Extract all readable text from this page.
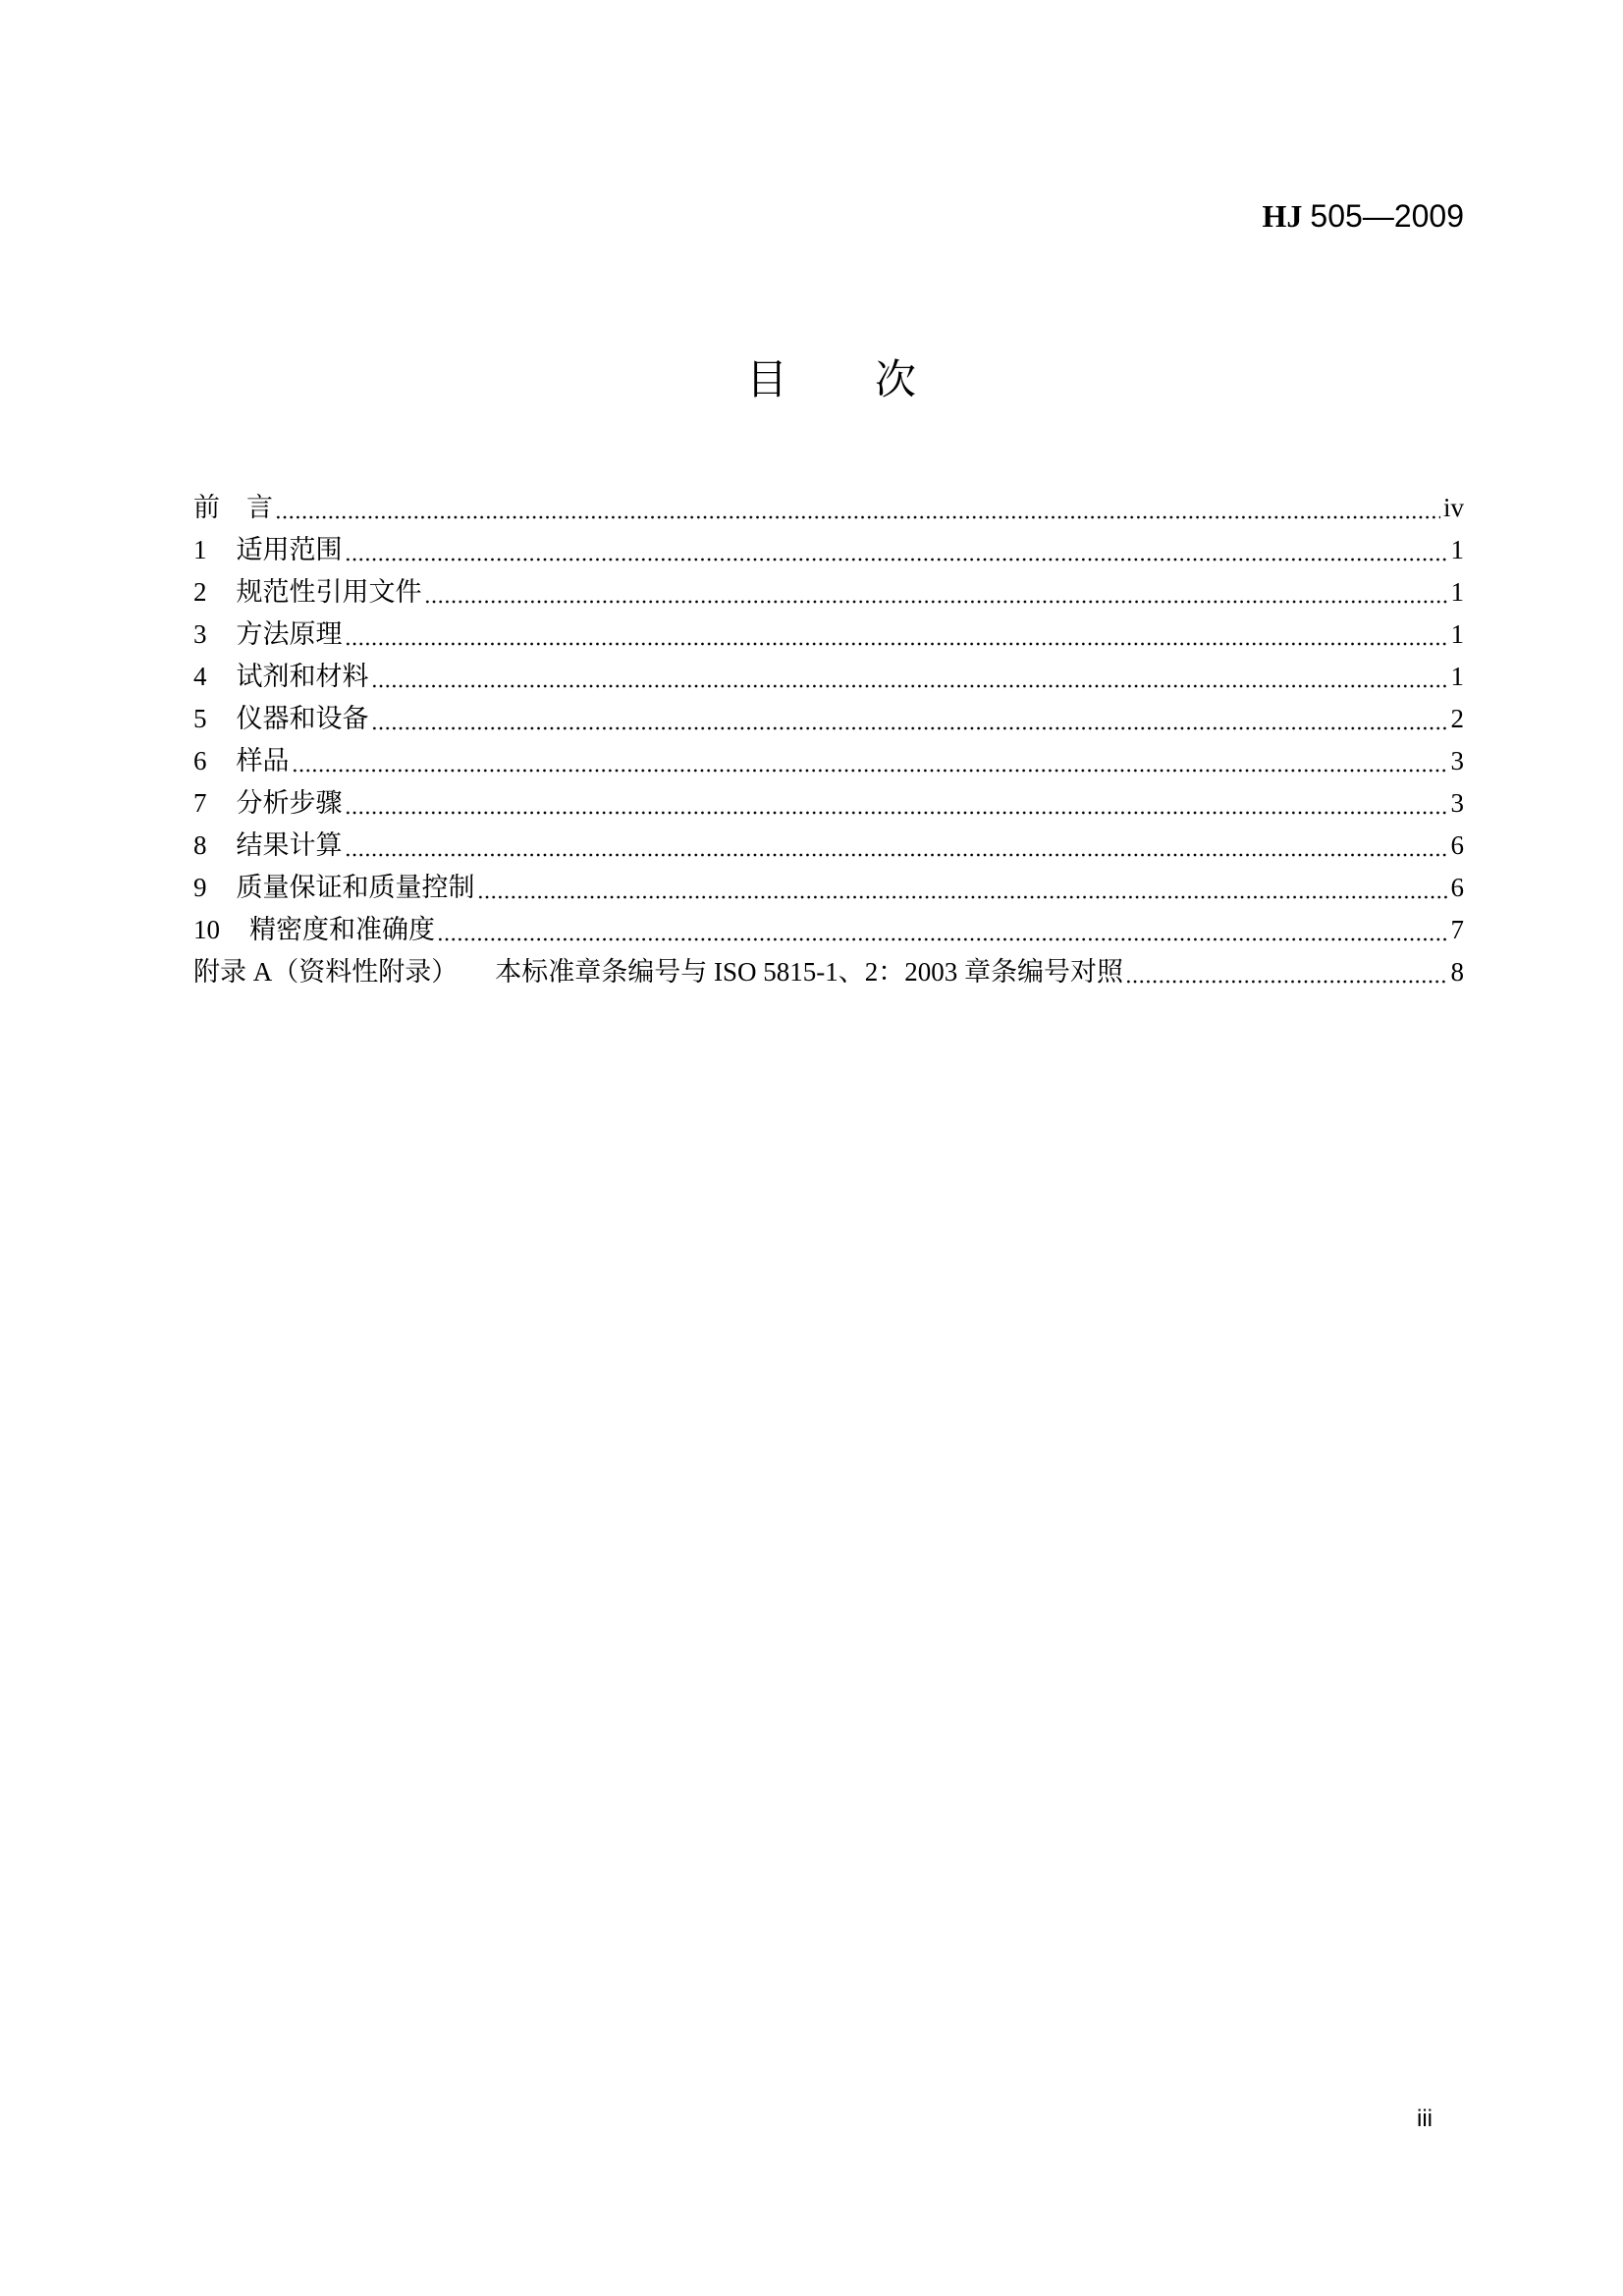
HJ 505—2009
目次
前　言	iv
1 适用范围	1
2 规范性引用文件	1
3 方法原理	1
4 试剂和材料	1
5 仪器和设备	2
6 样品	3
7 分析步骤	3
8 结果计算	6
9 质量保证和质量控制	6
10 精密度和准确度	7
附录 A（资料性附录） 本标准章条编号与 ISO 5815-1、2：2003 章条编号对照	8
iii
